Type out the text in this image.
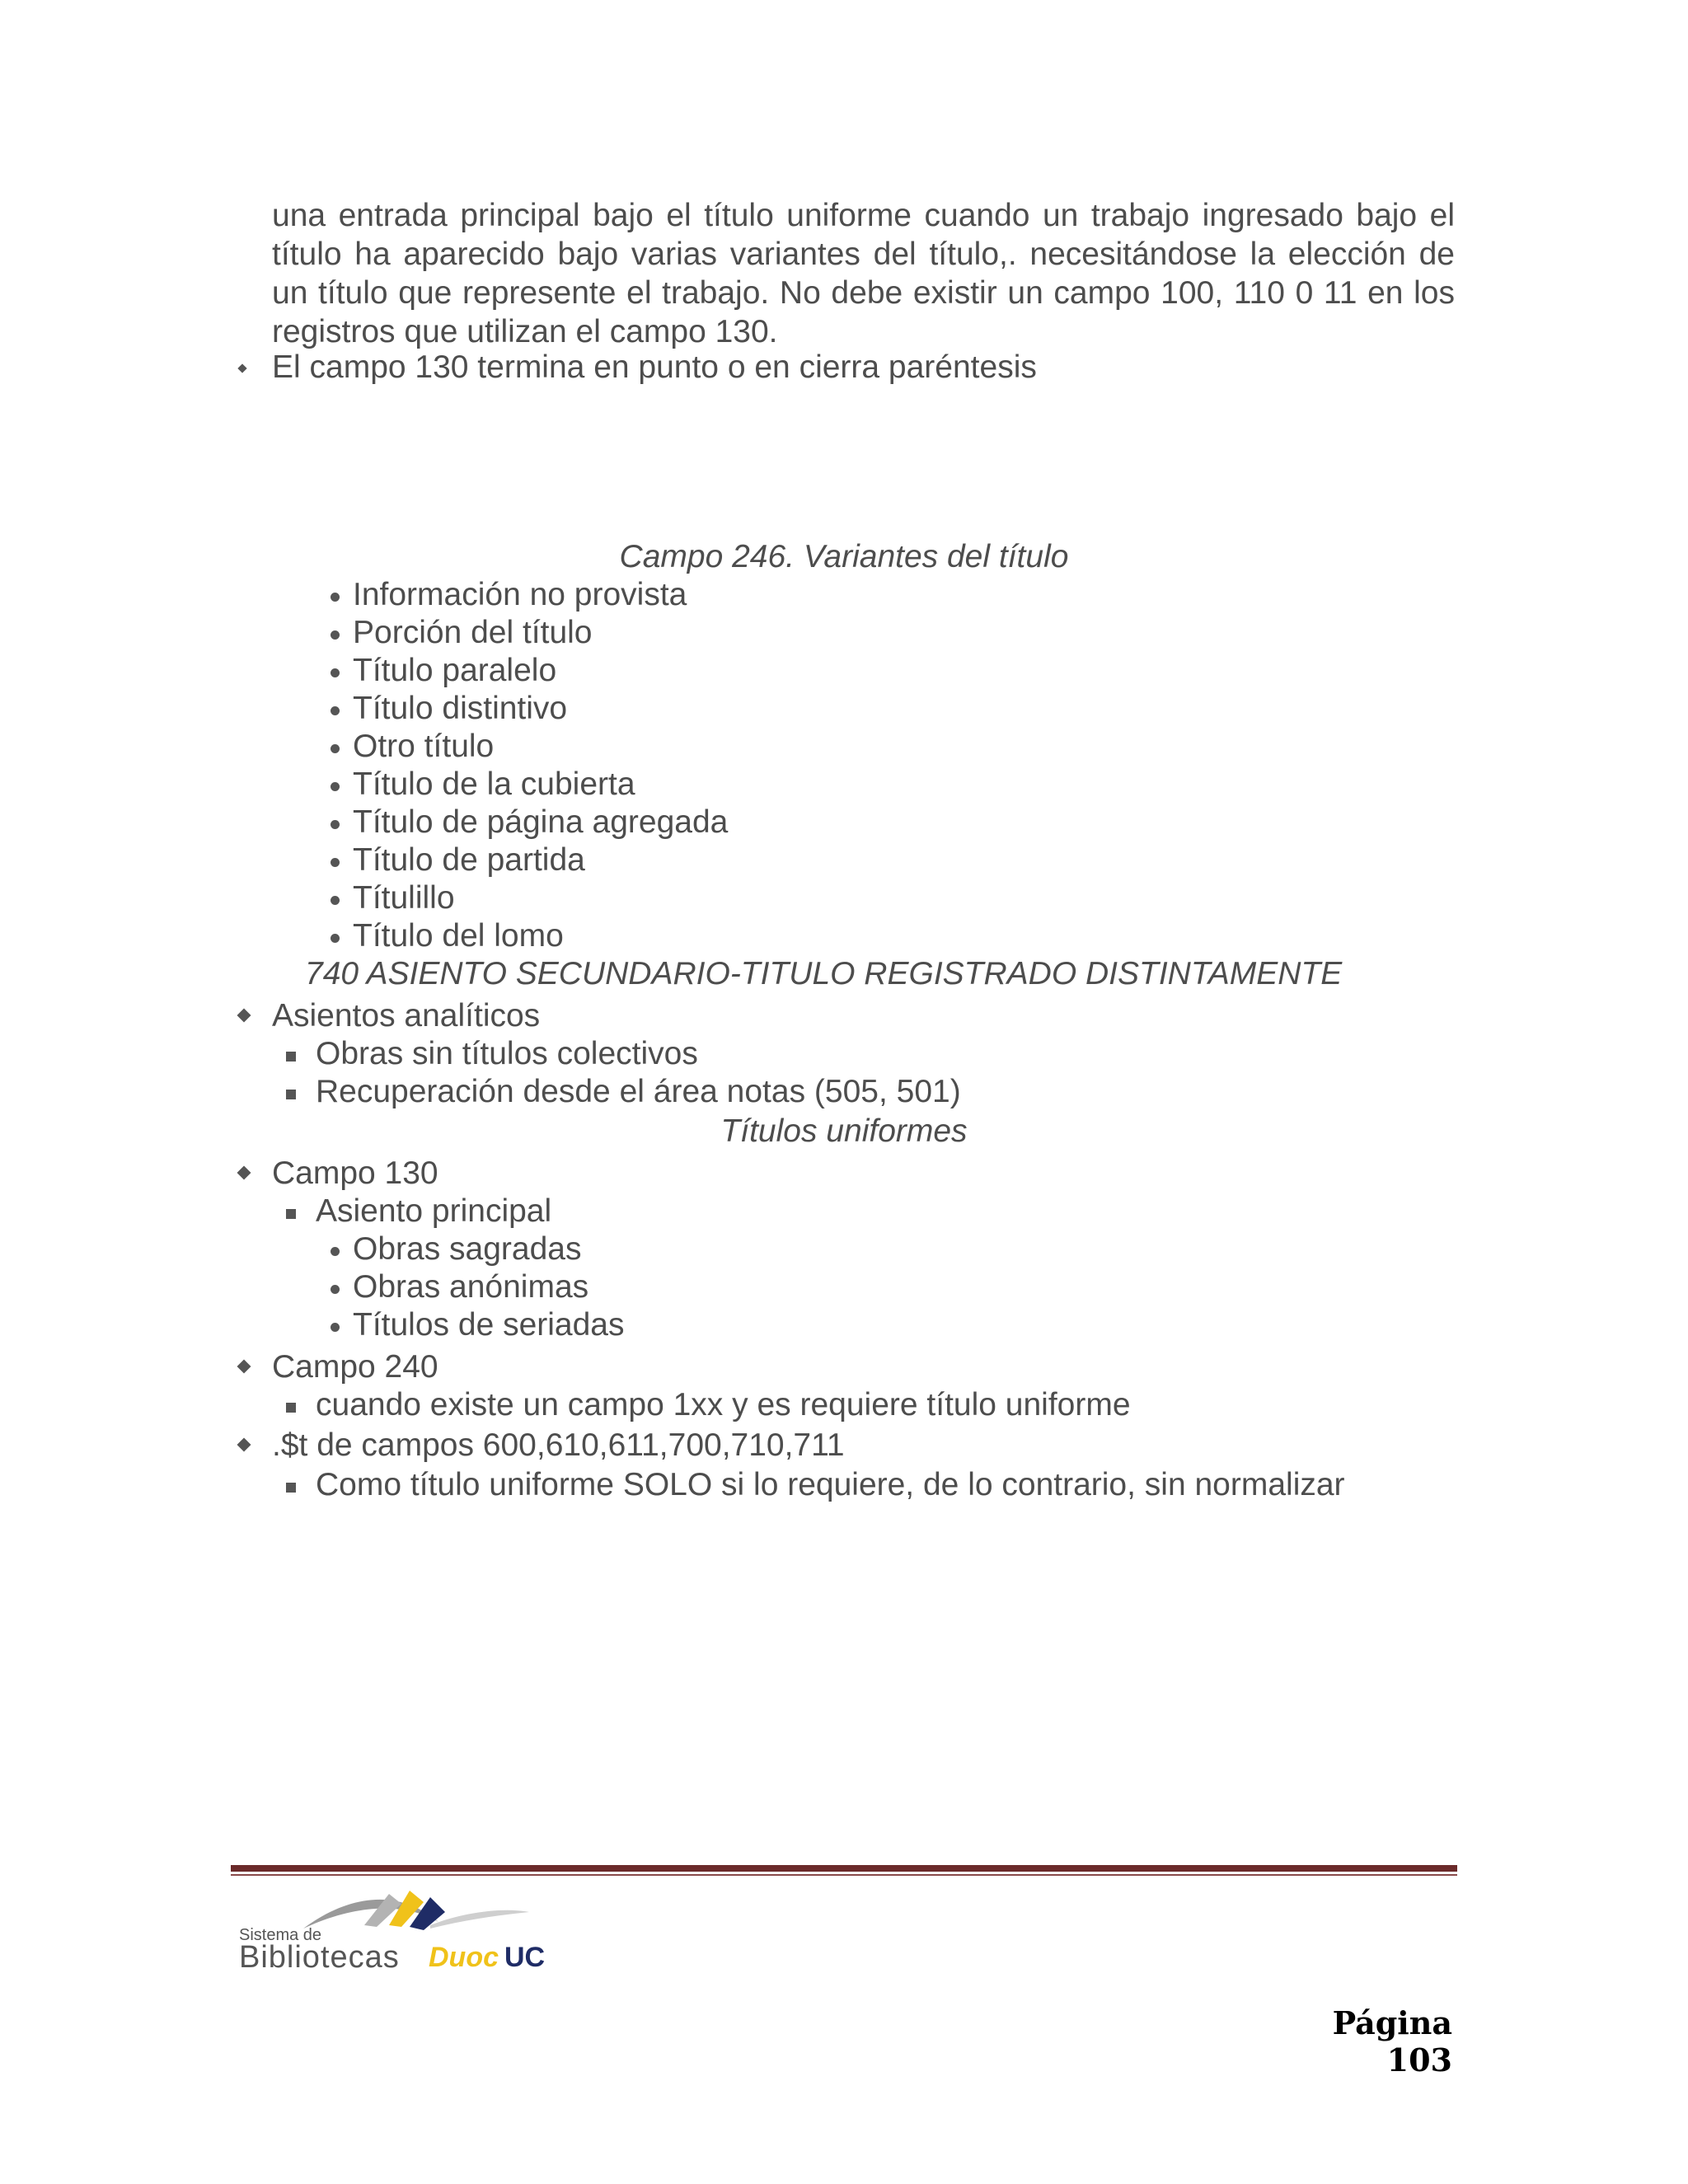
una entrada principal bajo el título uniforme cuando un trabajo ingresado bajo el título ha aparecido bajo varias variantes del título,. necesitándose la elección de un título que represente el trabajo. No debe existir un campo 100, 110 0 11 en los registros que utilizan el campo 130.
El campo 130 termina en punto o en cierra paréntesis
Campo 246. Variantes del título
Información no provista
Porción del título
Título paralelo
Título distintivo
Otro título
Título de la cubierta
Título de página agregada
Título de partida
Títulillo
Título del lomo
740 ASIENTO SECUNDARIO-TITULO REGISTRADO DISTINTAMENTE
Asientos analíticos
Obras sin títulos colectivos
Recuperación desde el área notas (505, 501)
Títulos uniformes
Campo 130
Asiento principal
Obras sagradas
Obras anónimas
Títulos de seriadas
Campo 240
cuando existe un campo 1xx y es requiere título uniforme
.$t de campos 600,610,611,700,710,711
Como título uniforme SOLO si lo requiere, de lo contrario, sin normalizar
Sistema de
Bibliotecas Duoc UC
Página 103
